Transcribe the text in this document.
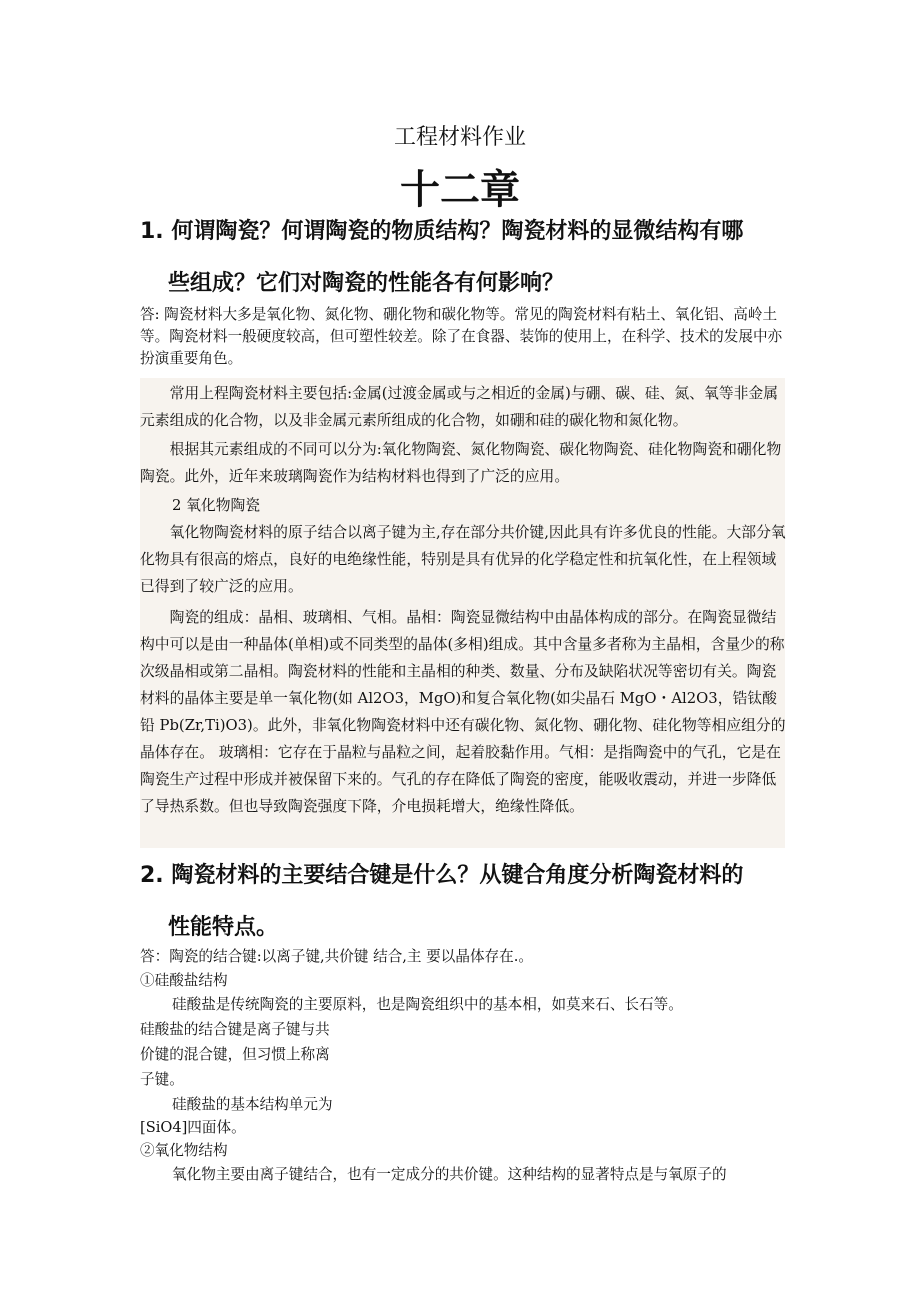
工程材料作业
十二章
1. 何谓陶瓷？何谓陶瓷的物质结构？陶瓷材料的显微结构有哪
些组成？它们对陶瓷的性能各有何影响？
答: 陶瓷材料大多是氧化物、氮化物、硼化物和碳化物等。常见的陶瓷材料有粘土、氧化铝、高岭土等。陶瓷材料一般硬度较高，但可塑性较差。除了在食器、装饰的使用上，在科学、技术的发展中亦扮演重要角色。
常用上程陶瓷材料主要包括:金属(过渡金属或与之相近的金属)与硼、碳、硅、氮、氧等非金属元素组成的化合物，以及非金属元素所组成的化合物，如硼和硅的碳化物和氮化物。
根据其元素组成的不同可以分为:氧化物陶瓷、氮化物陶瓷、碳化物陶瓷、硅化物陶瓷和硼化物陶瓷。此外，近年来玻璃陶瓷作为结构材料也得到了广泛的应用。
2 氧化物陶瓷
氧化物陶瓷材料的原子结合以离子键为主,存在部分共价键,因此具有许多优良的性能。大部分氧化物具有很高的熔点，良好的电绝缘性能，特别是具有优异的化学稳定性和抗氧化性，在上程领域已得到了较广泛的应用。
陶瓷的组成：晶相、玻璃相、气相。晶相：陶瓷显微结构中由晶体构成的部分。在陶瓷显微结构中可以是由一种晶体(单相)或不同类型的晶体(多相)组成。其中含量多者称为主晶相，含量少的称次级晶相或第二晶相。陶瓷材料的性能和主晶相的种类、数量、分布及缺陷状况等密切有关。陶瓷材料的晶体主要是单一氧化物(如 Al2O3，MgO)和复合氧化物(如尖晶石 MgO・Al2O3，锆钛酸铅 Pb(Zr,Ti)O3)。此外，非氧化物陶瓷材料中还有碳化物、氮化物、硼化物、硅化物等相应组分的晶体存在。 玻璃相：它存在于晶粒与晶粒之间，起着胶黏作用。气相：是指陶瓷中的气孔，它是在陶瓷生产过程中形成并被保留下来的。气孔的存在降低了陶瓷的密度，能吸收震动，并进一步降低了导热系数。但也导致陶瓷强度下降，介电损耗增大，绝缘性降低。
2. 陶瓷材料的主要结合键是什么？从键合角度分析陶瓷材料的
性能特点。
答：陶瓷的结合键:以离子键,共价键 结合,主 要以晶体存在.。
①硅酸盐结构
硅酸盐是传统陶瓷的主要原料，也是陶瓷组织中的基本相，如莫来石、长石等。
硅酸盐的结合键是离子键与共
价键的混合键，但习惯上称离
子键。
硅酸盐的基本结构单元为
[SiO4]四面体。
②氧化物结构
氧化物主要由离子键结合，也有一定成分的共价键。这种结构的显著特点是与氧原子的
